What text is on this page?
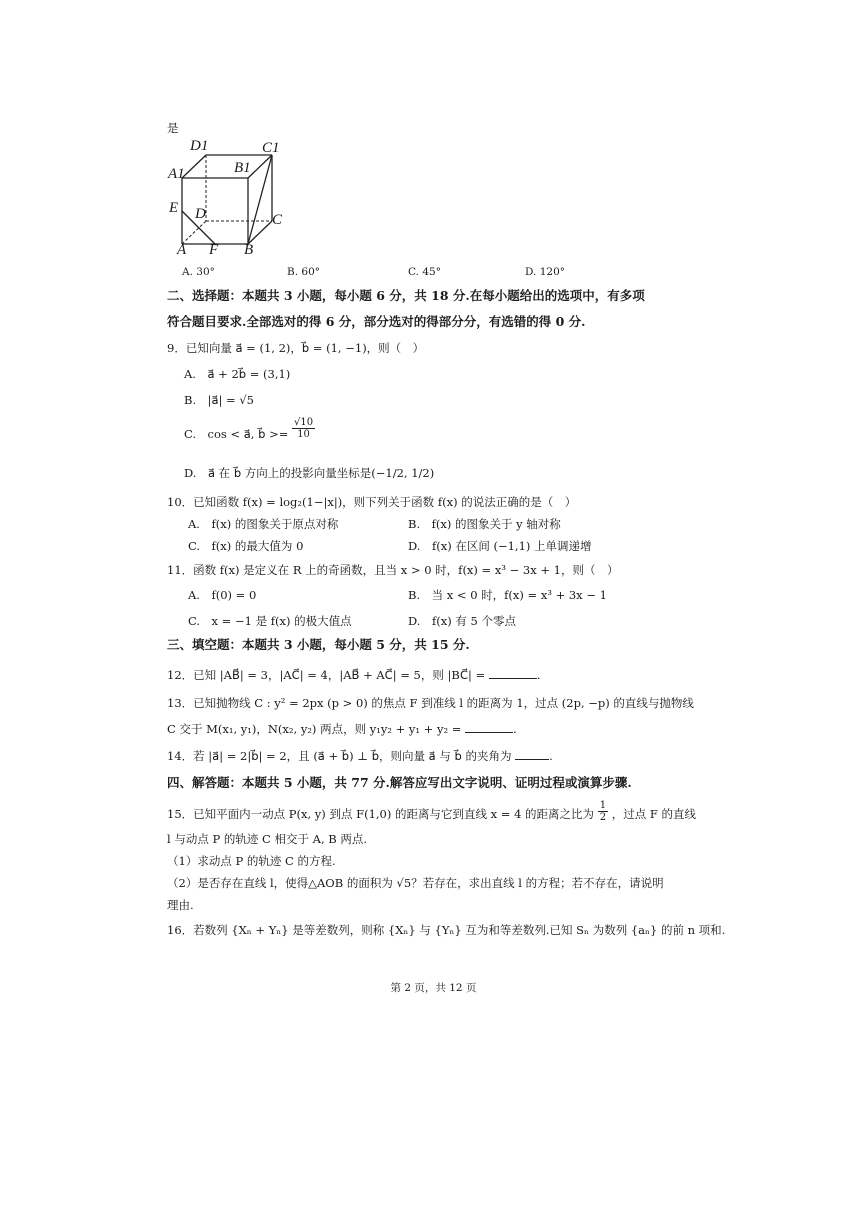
是
D1	C1
A1	B1
E D	C
A F B
A. 30°	B. 60°	C. 45°	D. 120°
二、选择题：本题共 3 小题，每小题 6 分，共 18 分.在每小题给出的选项中，有多项
符合题目要求.全部选对的得 6 分，部分选对的得部分分，有选错的得 0 分.
9．已知向量 a⃗ = (1, 2)，b⃗ = (1, −1)，则（　）
A.　a⃗ + 2b⃗ = (3,1)
B.　|a⃗| = √5
C.　cos < a⃗, b⃗ >= $\frac{√10}{10}$
D.　a⃗ 在 b⃗ 方向上的投影向量坐标是(−1/2, 1/2)
10．已知函数 f(x) = log₂(1−|x|)，则下列关于函数 f(x) 的说法正确的是（　）
A.　f(x) 的图象关于原点对称	B.　f(x) 的图象关于 y 轴对称
C.　f(x) 的最大值为 0	D.　f(x) 在区间 (−1,1) 上单调递增
11．函数 f(x) 是定义在 R 上的奇函数，且当 x > 0 时，f(x) = x³ − 3x + 1，则（　）
A.　f(0) = 0	B.　当 x < 0 时，f(x) = x³ + 3x − 1
C.　x = −1 是 f(x) 的极大值点	D.　f(x) 有 5 个零点
三、填空题：本题共 3 小题，每小题 5 分，共 15 分.
12．已知 |AB⃗| = 3，|AC⃗| = 4，|AB⃗ + AC⃗| = 5，则 |BC⃗| =	.
13．已知抛物线 C : y² = 2px (p > 0) 的焦点 F 到准线 l 的距离为 1，过点 (2p, −p) 的直线与抛物线
C 交于 M(x₁, y₁)，N(x₂, y₂) 两点，则 y₁y₂ + y₁ + y₂ =	.
14．若 |a⃗| = 2|b⃗| = 2，且 (a⃗ + b⃗) ⊥ b⃗，则向量 a⃗ 与 b⃗ 的夹角为	.
四、解答题：本题共 5 小题，共 77 分.解答应写出文字说明、证明过程或演算步骤.
15．已知平面内一动点 P(x, y) 到点 F(1,0) 的距离与它到直线 x = 4 的距离之比为 $\frac{1}{2}$ ，过点 F 的直线
l 与动点 P 的轨迹 C 相交于 A, B 两点.
（1）求动点 P 的轨迹 C 的方程.
（2）是否存在直线 l，使得△AOB 的面积为 √5？若存在，求出直线 l 的方程；若不存在，请说明
理由.
16．若数列 {Xₙ + Yₙ} 是等差数列，则称 {Xₙ} 与 {Yₙ} 互为和等差数列.已知 Sₙ 为数列 {aₙ} 的前 n 项和.
第 2 页，共 12 页
